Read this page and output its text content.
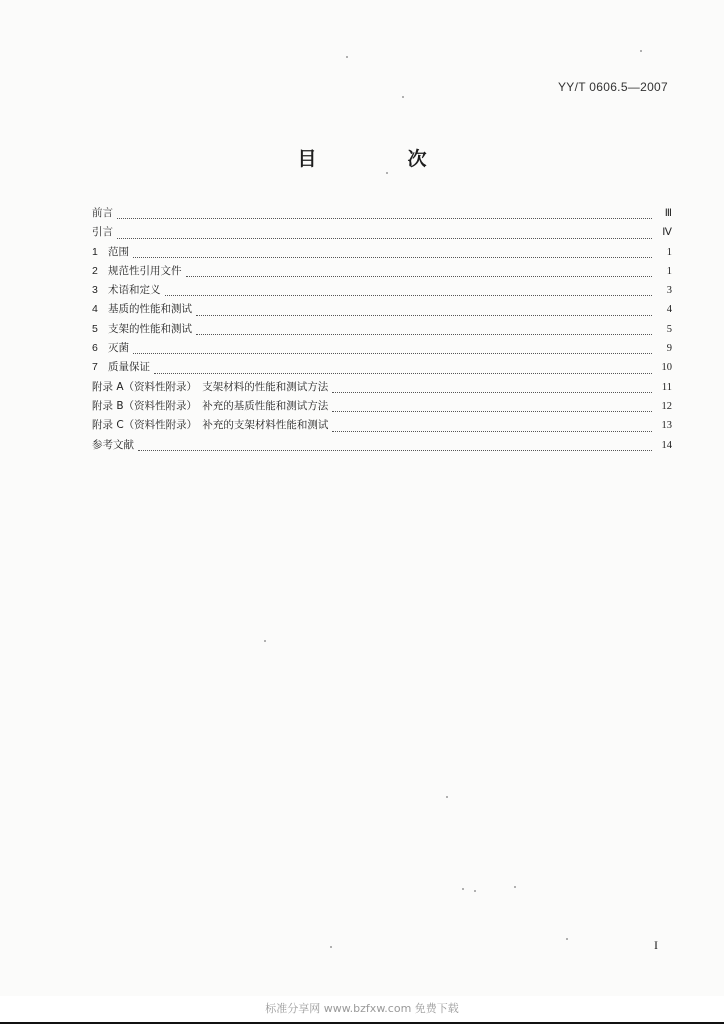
YY/T 0606.5—2007
目　次
前言	Ⅲ
引言	Ⅳ
1 范围	1
2 规范性引用文件	1
3 术语和定义	3
4 基质的性能和测试	4
5 支架的性能和测试	5
6 灭菌	9
7 质量保证	10
附录 A（资料性附录）　支架材料的性能和测试方法	11
附录 B（资料性附录）　补充的基质性能和测试方法	12
附录 C（资料性附录）　补充的支架材料性能和测试	13
参考文献	14
I
标准分享网 www.bzfxw.com 免费下载
